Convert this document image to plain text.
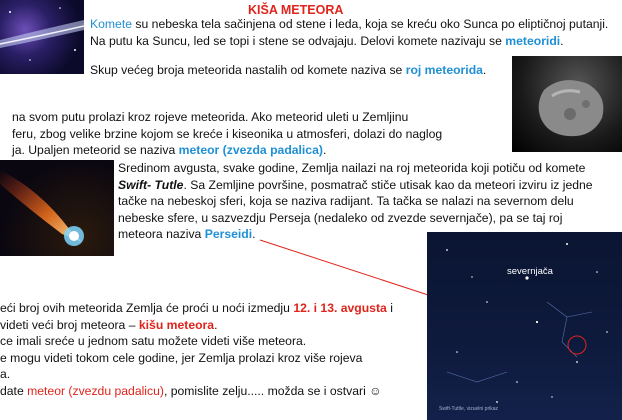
KIŠA METEORA
Komete su nebeska tela sačinjena od stene i leda, koja se kreću oko Sunca po eliptičnoj putanji.
Na putu ka Suncu, led se topi i stene se odvajaju. Delovi komete nazivaju se meteoridi.
Skup većeg broja meteorida nastalih od komete naziva se roj meteorida.
na svom putu prolazi kroz rojeve meteorida. Ako meteorid uleti u Zemljinu
feru, zbog velike brzine kojom se kreće i kiseonika u atmosferi, dolazi do naglog
ja. Upaljen meteorid se naziva meteor (zvezda padalica).
Sredinom avgusta, svake godine, Zemlja nailazi na roj meteorida koji potiču od komete
Swift- Tutle. Sa Zemljine površine, posmatrač stiče utisak kao da meteori izviru iz jedne
tačke na nebeskoj sferi, koja se naziva radijant. Ta tačka se nalazi na severnom delu
nebeske sfere, u sazvezdju Perseja (nedaleko od zvezde severnjače), pa se taj roj
meteora naziva Perseidi.
severnjača
Swift-Tuttle, vizuelni prikaz
eći broj ovih meteorida Zemlja će proći u noći izmedju 12. i 13. avgusta i
videti veći broj meteora – kišu meteora.
ce imali sreće u jednom satu možete videti više meteora.
e mogu videti tokom cele godine, jer Zemlja prolazi kroz više rojeva
a.
date meteor (zvezdu padalicu), pomislite zelju..... možda se i ostvari ☺
